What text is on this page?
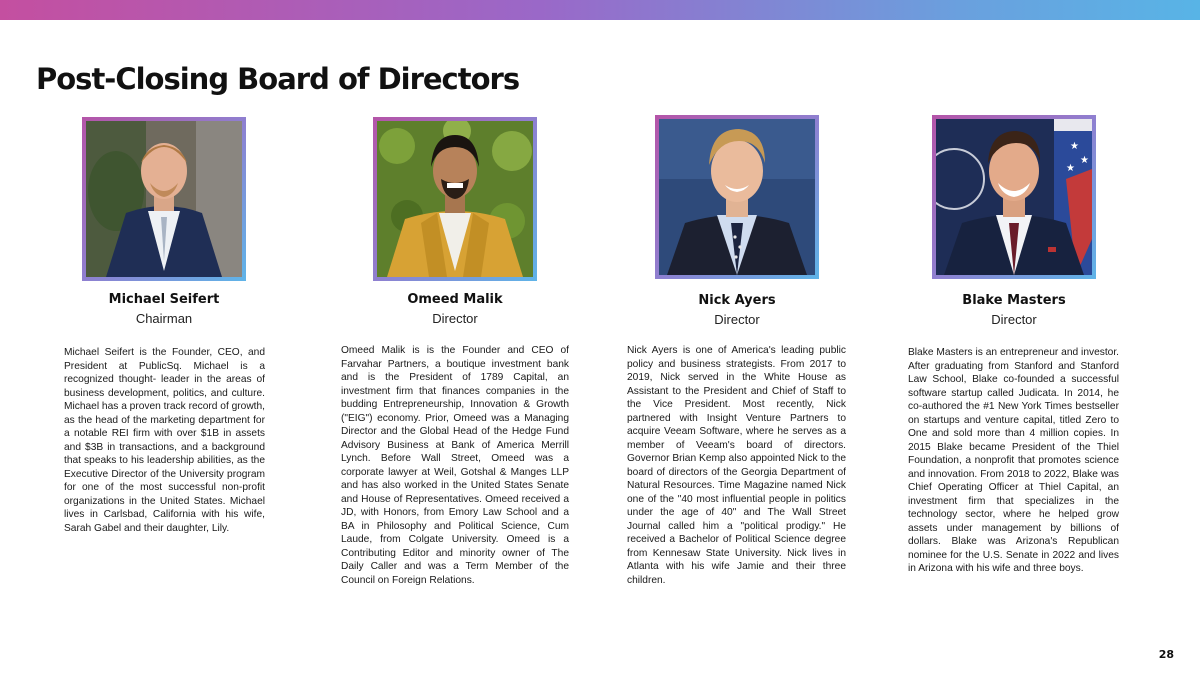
Post-Closing Board of Directors
Michael Seifert
Chairman

Michael Seifert is the Founder, CEO, and President at PublicSq. Michael is a recognized thought- leader in the areas of business development, politics, and culture. Michael has a proven track record of growth, as the head of the marketing department for a notable REI firm with over $1B in assets and $3B in transactions, and a background that speaks to his leadership abilities, as the Executive Director of the University program for one of the most successful non-profit organizations in the United States. Michael lives in Carlsbad, California with his wife, Sarah Gabel and their daughter, Lily.

Omeed Malik
Director

Omeed Malik is is the Founder and CEO of Farvahar Partners, a boutique investment bank and is the President of 1789 Capital, an investment firm that finances companies in the budding Entrepreneurship, Innovation & Growth ("EIG") economy. Prior, Omeed was a Managing Director and the Global Head of the Hedge Fund Advisory Business at Bank of America Merrill Lynch. Before Wall Street, Omeed was a corporate lawyer at Weil, Gotshal & Manges LLP and has also worked in the United States Senate and House of Representatives. Omeed received a JD, with Honors, from Emory Law School and a BA in Philosophy and Political Science, Cum Laude, from Colgate University. Omeed is a Contributing Editor and minority owner of The Daily Caller and was a Term Member of the Council on Foreign Relations.

Nick Ayers
Director

Nick Ayers is one of America's leading public policy and business strategists. From 2017 to 2019, Nick served in the White House as Assistant to the President and Chief of Staff to the Vice President. Most recently, Nick partnered with Insight Venture Partners to acquire Veeam Software, where he serves as a member of Veeam's board of directors. Governor Brian Kemp also appointed Nick to the board of directors of the Georgia Department of Natural Resources. Time Magazine named Nick one of the "40 most influential people in politics under the age of 40" and The Wall Street Journal called him a "political prodigy." He received a Bachelor of Political Science degree from Kennesaw State University. Nick lives in Atlanta with his wife Jamie and their three children.

★
★
★
Blake Masters
Director

Blake Masters is an entrepreneur and investor. After graduating from Stanford and Stanford Law School, Blake co-founded a successful software startup called Judicata. In 2014, he co-authored the #1 New York Times bestseller on startups and venture capital, titled Zero to One and sold more than 4 million copies. In 2015 Blake became President of the Thiel Foundation, a nonprofit that promotes science and innovation. From 2018 to 2022, Blake was Chief Operating Officer at Thiel Capital, an investment firm that specializes in the technology sector, where he helped grow assets under management by billions of dollars. Blake was Arizona's Republican nominee for the U.S. Senate in 2022 and lives in Arizona with his wife and three boys.

28
